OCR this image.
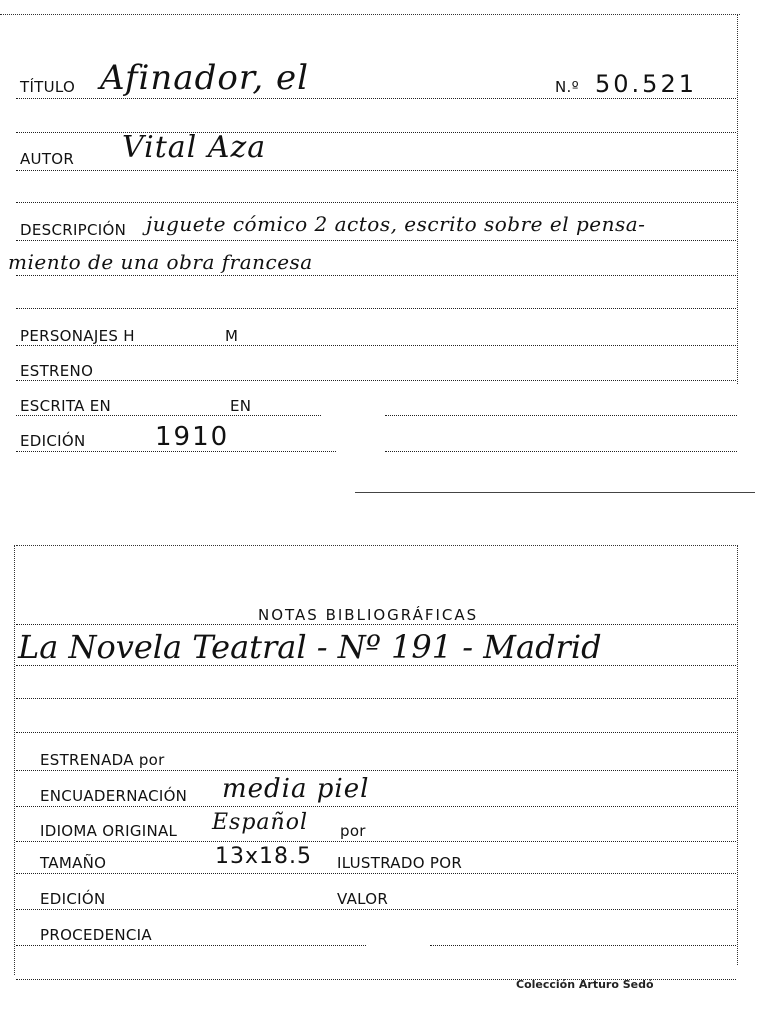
TÍTULO Afinador, el	N.º 50.521
AUTOR Vital Aza
DESCRIPCIÓN juguete cómico 2 actos, escrito sobre el pensa-
miento de una obra francesa
PERSONAJES H	M
ESTRENO
ESCRITA EN	EN
EDICIÓN	1910
NOTAS BIBLIOGRÁFICAS
La Novela Teatral - Nº 191 - Madrid
ESTRENADA por
ENCUADERNACIÓN media piel
IDIOMA ORIGINAL Español por
TAMAÑO	13x18.5 ILUSTRADO POR
EDICIÓN	VALOR
PROCEDENCIA
Colección Arturo Sedó
